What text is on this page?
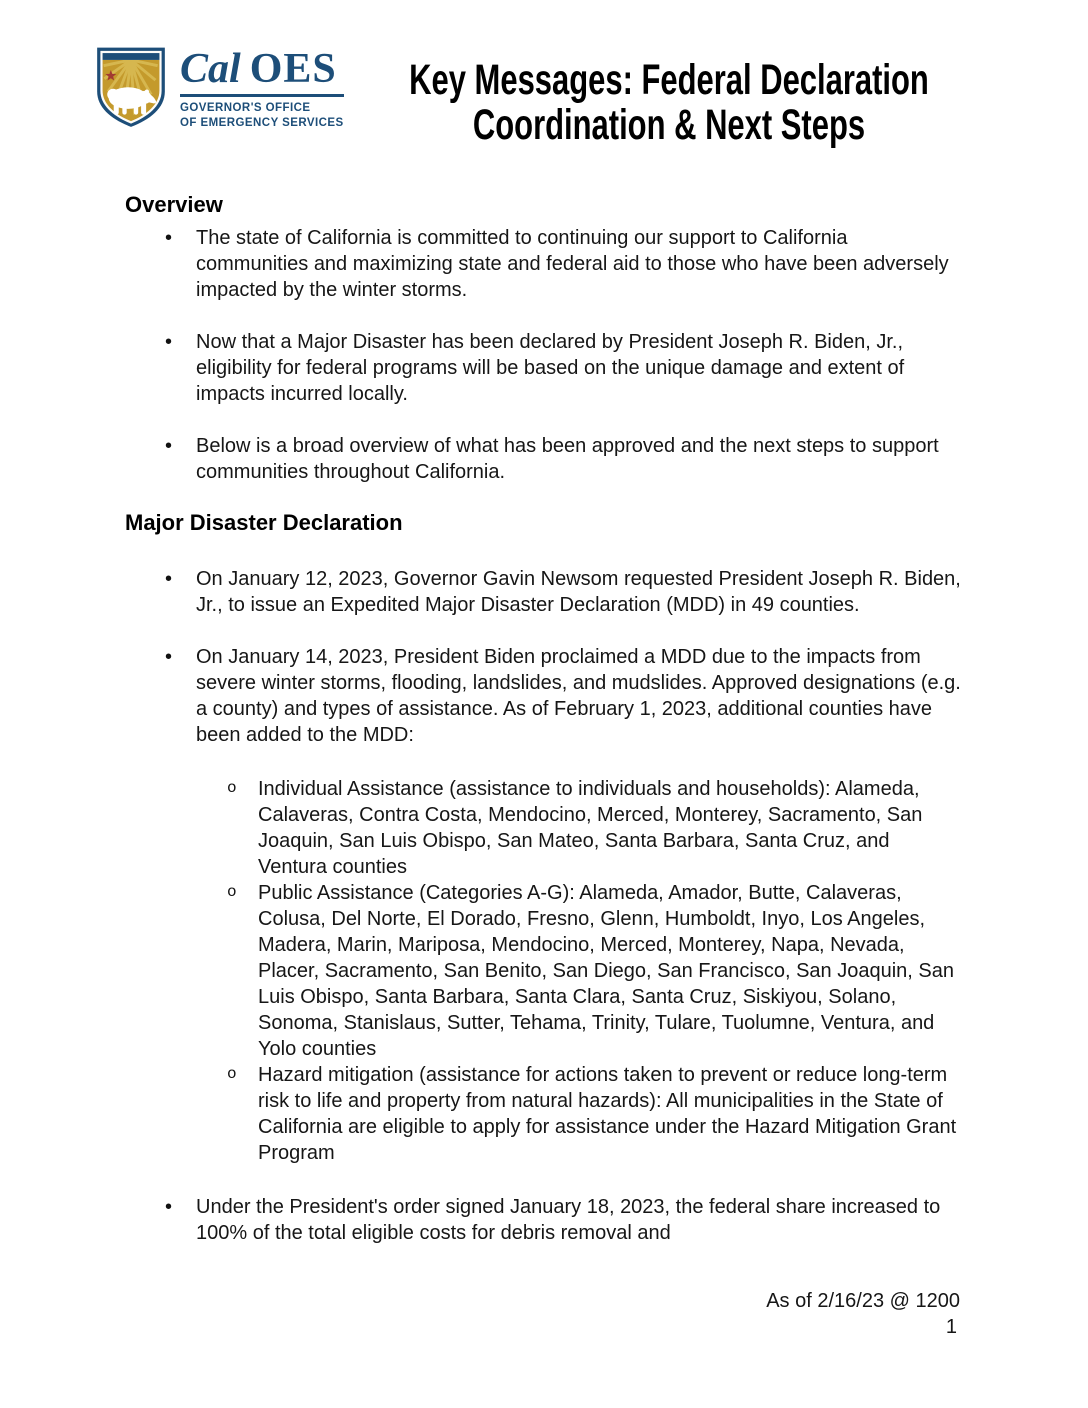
Cal OES
GOVERNOR'S OFFICE
OF EMERGENCY SERVICES
Key Messages: Federal Declaration
Coordination & Next Steps
Overview
• The state of California is committed to continuing our support to California communities and maximizing state and federal aid to those who have been adversely impacted by the winter storms.
• Now that a Major Disaster has been declared by President Joseph R. Biden, Jr., eligibility for federal programs will be based on the unique damage and extent of impacts incurred locally.
• Below is a broad overview of what has been approved and the next steps to support communities throughout California.
Major Disaster Declaration
• On January 12, 2023, Governor Gavin Newsom requested President Joseph R. Biden, Jr., to issue an Expedited Major Disaster Declaration (MDD) in 49 counties.
• On January 14, 2023, President Biden proclaimed a MDD due to the impacts from severe winter storms, flooding, landslides, and mudslides. Approved designations (e.g. a county) and types of assistance. As of February 1, 2023, additional counties have been added to the MDD:
o Individual Assistance (assistance to individuals and households): Alameda, Calaveras, Contra Costa, Mendocino, Merced, Monterey, Sacramento, San Joaquin, San Luis Obispo, San Mateo, Santa Barbara, Santa Cruz, and Ventura counties
o Public Assistance (Categories A-G): Alameda, Amador, Butte, Calaveras, Colusa, Del Norte, El Dorado, Fresno, Glenn, Humboldt, Inyo, Los Angeles, Madera, Marin, Mariposa, Mendocino, Merced, Monterey, Napa, Nevada, Placer, Sacramento, San Benito, San Diego, San Francisco, San Joaquin, San Luis Obispo, Santa Barbara, Santa Clara, Santa Cruz, Siskiyou, Solano, Sonoma, Stanislaus, Sutter, Tehama, Trinity, Tulare, Tuolumne, Ventura, and Yolo counties
o Hazard mitigation (assistance for actions taken to prevent or reduce long-term risk to life and property from natural hazards): All municipalities in the State of California are eligible to apply for assistance under the Hazard Mitigation Grant Program
• Under the President's order signed January 18, 2023, the federal share increased to 100% of the total eligible costs for debris removal and
As of 2/16/23 @ 1200
1
